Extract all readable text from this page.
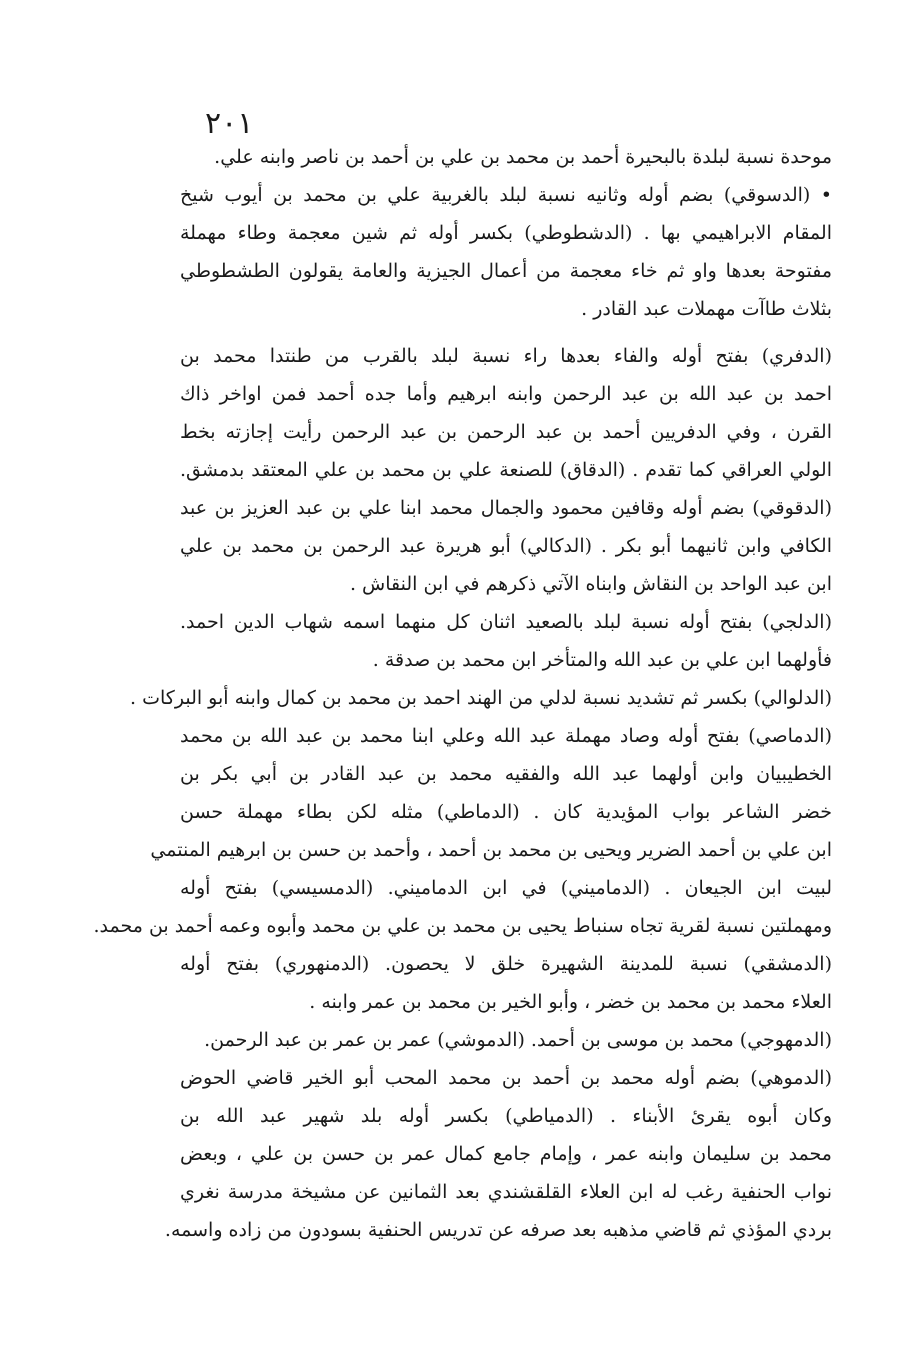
٢٠١
موحدة نسبة لبلدة بالبحيرة أحمد بن محمد بن علي بن أحمد بن ناصر وابنه علي.
• (الدسوقي) بضم أوله وثانيه نسبة لبلد بالغربية علي بن محمد بن أيوب شيخ
المقام الابراهيمي بها . (الدشطوطي) بكسر أوله ثم شين معجمة وطاء مهملة
مفتوحة بعدها واو ثم خاء معجمة من أعمال الجيزية والعامة يقولون الطشطوطي
بثلاث طاآت مهملات عبد القادر .
(الدفري) بفتح أوله والفاء بعدها راء نسبة لبلد بالقرب من طنتدا محمد بن
احمد بن عبد الله بن عبد الرحمن وابنه ابرهيم وأما جده أحمد فمن اواخر ذاك
القرن ، وفي الدفريين أحمد بن عبد الرحمن بن عبد الرحمن رأيت إجازته بخط
الولي العراقي كما تقدم . (الدقاق) للصنعة علي بن محمد بن علي المعتقد بدمشق.
(الدقوقي) بضم أوله وقافين محمود والجمال محمد ابنا علي بن عبد العزيز بن عبد
الكافي وابن ثانيهما أبو بكر . (الدكالي) أبو هريرة عبد الرحمن بن محمد بن علي
ابن عبد الواحد بن النقاش وابناه الآتي ذكرهم في ابن النقاش .
(الدلجي) بفتح أوله نسبة لبلد بالصعيد اثنان كل منهما اسمه شهاب الدين احمد.
فأولهما ابن علي بن عبد الله والمتأخر ابن محمد بن صدقة .
(الدلوالي) بكسر ثم تشديد نسبة لدلي من الهند احمد بن محمد بن كمال وابنه أبو البركات .
(الدماصي) بفتح أوله وصاد مهملة عبد الله وعلي ابنا محمد بن عبد الله بن محمد
الخطيبيان وابن أولهما عبد الله والفقيه محمد بن عبد القادر بن أبي بكر بن
خضر الشاعر بواب المؤيدية كان . (الدماطي) مثله لكن بطاء مهملة حسن
ابن علي بن أحمد الضرير ويحيى بن محمد بن أحمد ، وأحمد بن حسن بن ابرهيم المنتمي
لبيت ابن الجيعان . (الدماميني) في ابن الدماميني. (الدمسيسي) بفتح أوله
ومهملتين نسبة لقرية تجاه سنباط يحيى بن محمد بن علي بن محمد وأبوه وعمه أحمد بن محمد.
(الدمشقي) نسبة للمدينة الشهيرة خلق لا يحصون. (الدمنهوري) بفتح أوله
العلاء محمد بن محمد بن خضر ، وأبو الخير بن محمد بن عمر وابنه .
(الدمهوجي) محمد بن موسى بن أحمد. (الدموشي) عمر بن عمر بن عبد الرحمن.
(الدموهي) بضم أوله محمد بن أحمد بن محمد المحب أبو الخير قاضي الحوض
وكان أبوه يقرئ الأبناء . (الدمياطي) بكسر أوله بلد شهير عبد الله بن
محمد بن سليمان وابنه عمر ، وإمام جامع كمال عمر بن حسن بن علي ، وبعض
نواب الحنفية رغب له ابن العلاء القلقشندي بعد الثمانين عن مشيخة مدرسة نغري
بردي المؤذي ثم قاضي مذهبه بعد صرفه عن تدريس الحنفية بسودون من زاده واسمه.
